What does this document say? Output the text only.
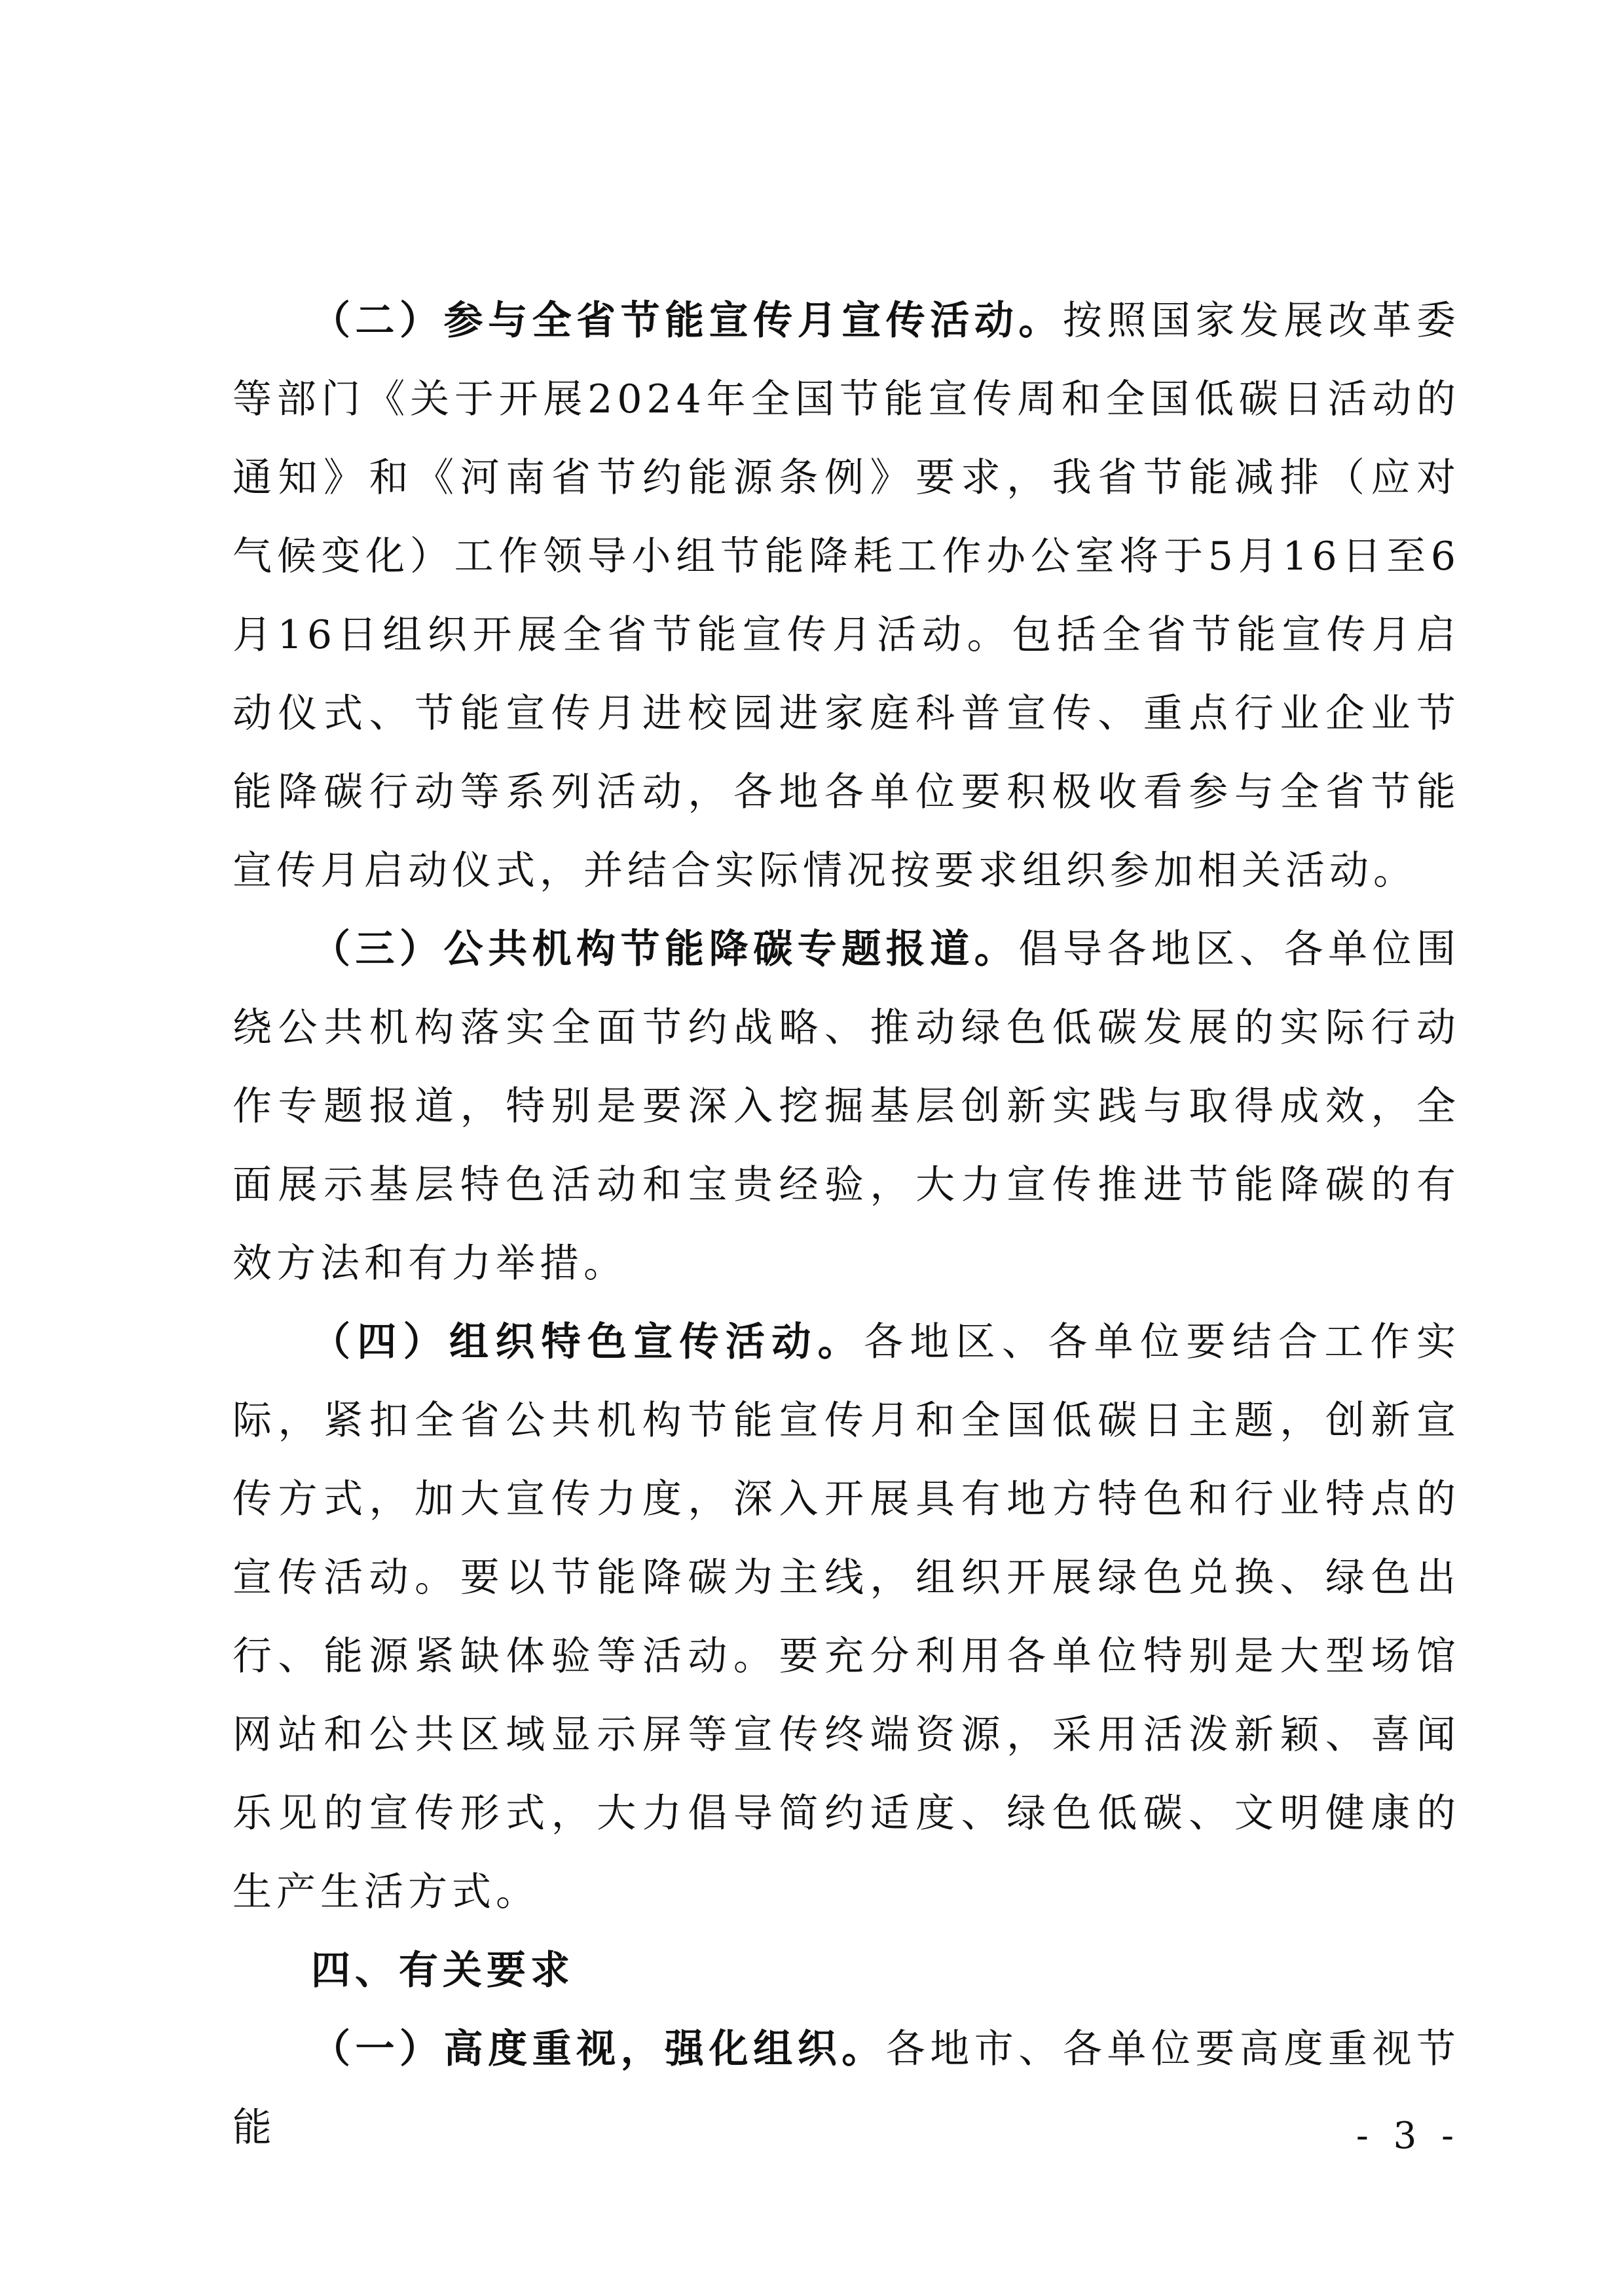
（二）参与全省节能宣传月宣传活动。按照国家发展改革委等部门《关于开展2024年全国节能宣传周和全国低碳日活动的通知》和《河南省节约能源条例》要求，我省节能减排（应对气候变化）工作领导小组节能降耗工作办公室将于5月16日至6月16日组织开展全省节能宣传月活动。包括全省节能宣传月启动仪式、节能宣传月进校园进家庭科普宣传、重点行业企业节能降碳行动等系列活动，各地各单位要积极收看参与全省节能宣传月启动仪式，并结合实际情况按要求组织参加相关活动。

（三）公共机构节能降碳专题报道。倡导各地区、各单位围绕公共机构落实全面节约战略、推动绿色低碳发展的实际行动作专题报道，特别是要深入挖掘基层创新实践与取得成效，全面展示基层特色活动和宝贵经验，大力宣传推进节能降碳的有效方法和有力举措。

（四）组织特色宣传活动。各地区、各单位要结合工作实际，紧扣全省公共机构节能宣传月和全国低碳日主题，创新宣传方式，加大宣传力度，深入开展具有地方特色和行业特点的宣传活动。要以节能降碳为主线，组织开展绿色兑换、绿色出行、能源紧缺体验等活动。要充分利用各单位特别是大型场馆网站和公共区域显示屏等宣传终端资源，采用活泼新颖、喜闻乐见的宣传形式，大力倡导简约适度、绿色低碳、文明健康的生产生活方式。

四、有关要求

（一）高度重视，强化组织。各地市、各单位要高度重视节能	- 3 -
